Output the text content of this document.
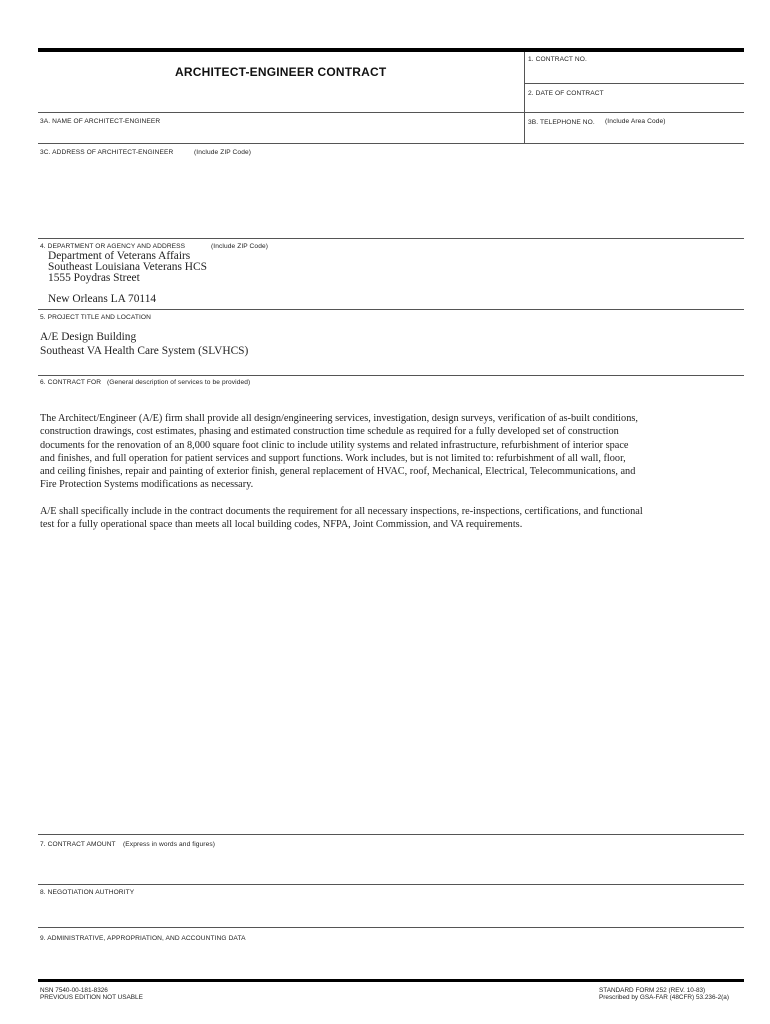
ARCHITECT-ENGINEER CONTRACT
1. CONTRACT NO.
2. DATE OF CONTRACT
3A. NAME OF ARCHITECT-ENGINEER	3B. TELEPHONE NO. (Include Area Code)
3C. ADDRESS OF ARCHITECT-ENGINEER	(Include ZIP Code)
4. DEPARTMENT OR AGENCY AND ADDRESS	(Include ZIP Code)
Department of Veterans Affairs
Southeast Louisiana Veterans HCS
1555 Poydras Street
New Orleans LA 70114
5. PROJECT TITLE AND LOCATION
A/E Design Building
Southeast VA Health Care System (SLVHCS)
6. CONTRACT FOR (General description of services to be provided)
The Architect/Engineer (A/E) firm shall provide all design/engineering services, investigation, design surveys, verification of as-built conditions,
construction drawings, cost estimates, phasing and estimated construction time schedule as required for a fully developed set of construction
documents for the renovation of an 8,000 square foot clinic to include utility systems and related infrastructure, refurbishment of interior space
and finishes, and full operation for patient services and support functions. Work includes, but is not limited to: refurbishment of all wall, floor,
and ceiling finishes, repair and painting of exterior finish, general replacement of HVAC, roof, Mechanical, Electrical, Telecommunications, and
Fire Protection Systems modifications as necessary.
A/E shall specifically include in the contract documents the requirement for all necessary inspections, re-inspections, certifications, and functional
test for a fully operational space than meets all local building codes, NFPA, Joint Commission, and VA requirements.
7. CONTRACT AMOUNT (Express in words and figures)
8. NEGOTIATION AUTHORITY
9. ADMINISTRATIVE, APPROPRIATION, AND ACCOUNTING DATA
NSN 7540-00-181-8326
PREVIOUS EDITION NOT USABLE
STANDARD FORM 252 (REV. 10-83)
Prescribed by GSA-FAR (48CFR) 53.236-2(a)
